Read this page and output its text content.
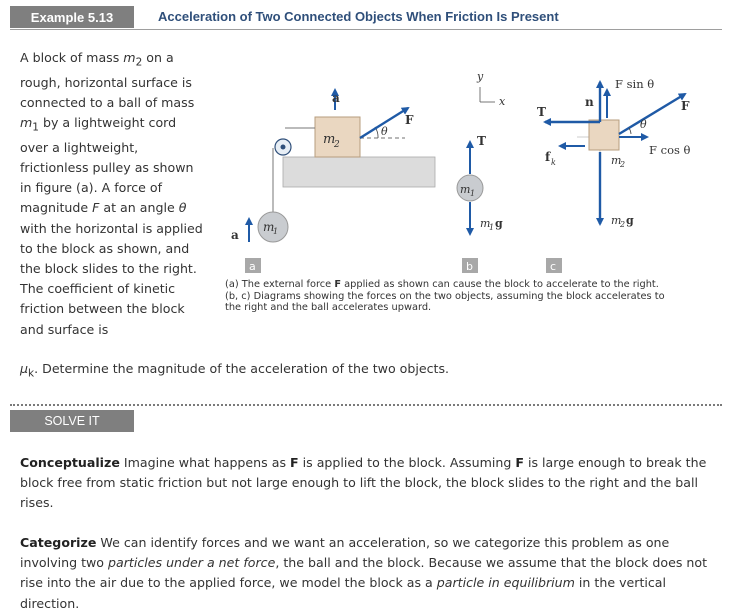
Example 5.13	Acceleration of Two Connected Objects When Friction Is Present
A block of mass $m_2$ on a rough, horizontal surface is connected to a ball of mass $m_1$ by a lightweight cord over a lightweight, frictionless pulley as shown in figure (a). A force of magnitude F at an angle θ with the horizontal is applied to the block as shown, and the block slides to the right. The coefficient of kinetic friction between the block and surface is
$\mu_k$. Determine the magnitude of the acceleration of the two objects.
m
2
m
1
a
a
θ
F
a
y
x
T
m 1
m
1 g
b
n
F sin θ
T
f k
F
θ
F cos θ
m
2
m
2 g
c
(a) The external force F applied as shown can cause the block to accelerate to the right.
(b, c) Diagrams showing the forces on the two objects, assuming the block accelerates to
the right and the ball accelerates upward.
SOLVE IT
Conceptualize Imagine what happens as F is applied to the block. Assuming F is large enough to break the block free from static friction but not large enough to lift the block, the block slides to the right and the ball rises.
Categorize We can identify forces and we want an acceleration, so we categorize this problem as one involving two particles under a net force, the ball and the block. Because we assume that the block does not rise into the air due to the applied force, we model the block as a particle in equilibrium in the vertical direction.
